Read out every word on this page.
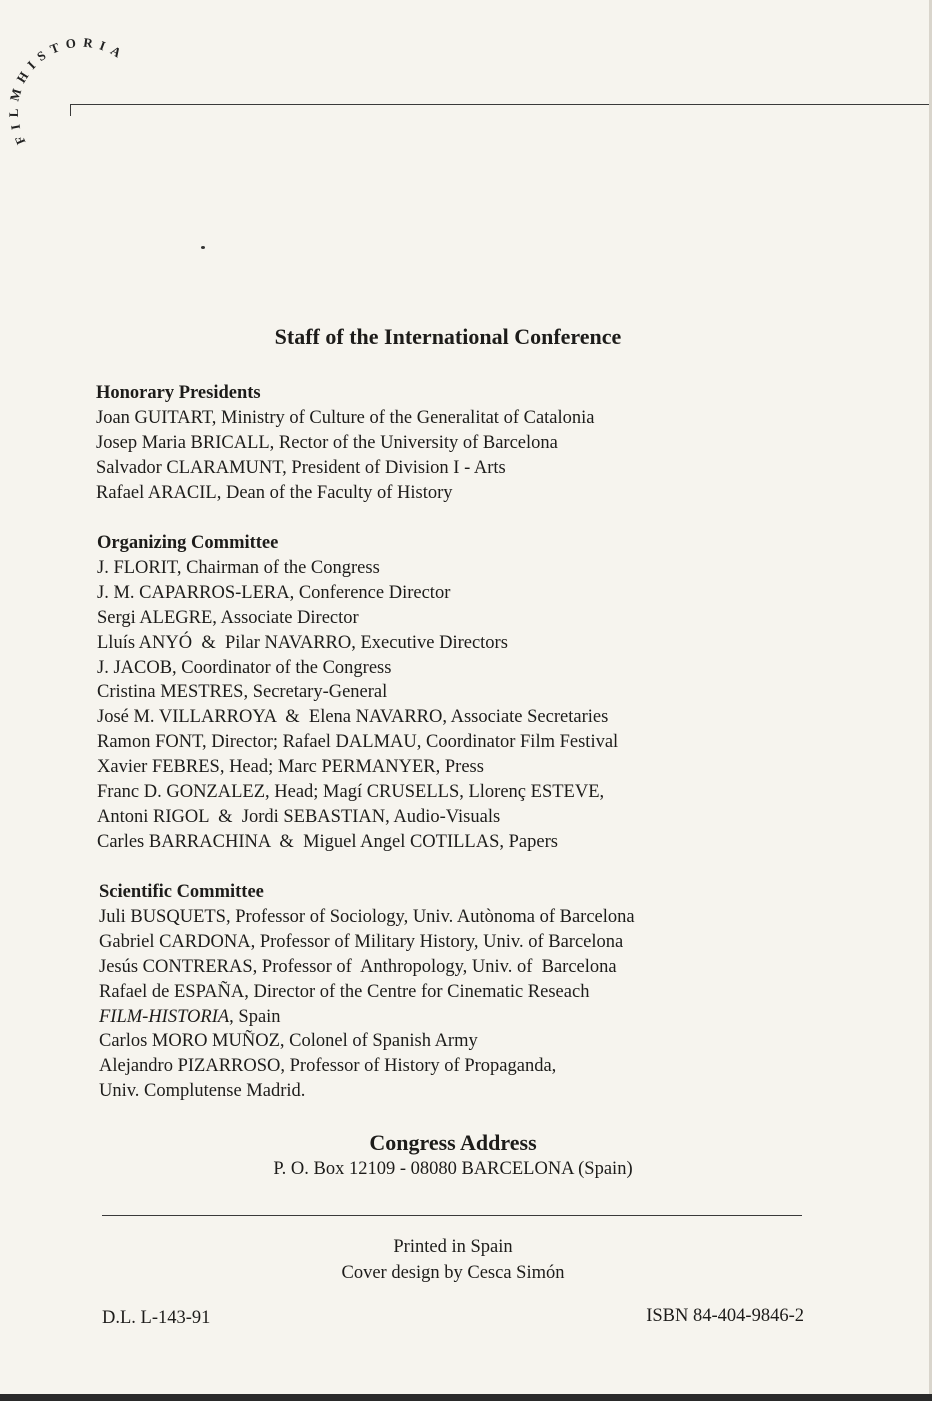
FILMHISTORIA
Staff of the International Conference
Honorary Presidents
Joan GUITART, Ministry of Culture of the Generalitat of Catalonia
Josep Maria BRICALL, Rector of the University of Barcelona
Salvador CLARAMUNT, President of Division I - Arts
Rafael ARACIL, Dean of the Faculty of History
Organizing Committee
J. FLORIT, Chairman of the Congress
J. M. CAPARROS-LERA, Conference Director
Sergi ALEGRE, Associate Director
Lluís ANYÓ  &  Pilar NAVARRO, Executive Directors
J. JACOB, Coordinator of the Congress
Cristina MESTRES, Secretary-General
José M. VILLARROYA  &  Elena NAVARRO, Associate Secretaries
Ramon FONT, Director; Rafael DALMAU, Coordinator Film Festival
Xavier FEBRES, Head; Marc PERMANYER, Press
Franc D. GONZALEZ, Head; Magí CRUSELLS, Llorenç ESTEVE,
Antoni RIGOL  &  Jordi SEBASTIAN, Audio-Visuals
Carles BARRACHINA  &  Miguel Angel COTILLAS, Papers
Scientific Committee
Juli BUSQUETS, Professor of Sociology, Univ. Autònoma of Barcelona
Gabriel CARDONA, Professor of Military History, Univ. of Barcelona
Jesús CONTRERAS, Professor of  Anthropology, Univ. of  Barcelona
Rafael de ESPAÑA, Director of the Centre for Cinematic Reseach
FILM-HISTORIA, Spain
Carlos MORO MUÑOZ, Colonel of Spanish Army
Alejandro PIZARROSO, Professor of History of Propaganda,
Univ. Complutense Madrid.
Congress Address
P. O. Box 12109 - 08080 BARCELONA (Spain)
Printed in Spain
Cover design by Cesca Simón
D.L. L-143-91	ISBN 84-404-9846-2
